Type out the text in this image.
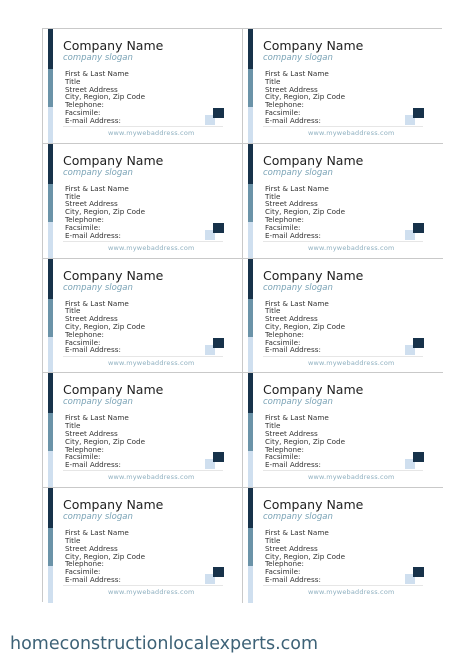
Company Name
company slogan
First & Last Name
Title
Street Address
City, Region, Zip Code
Telephone:
Facsimile:
E-mail Address:
www.mywebaddress.com
Company Name
company slogan
First & Last Name
Title
Street Address
City, Region, Zip Code
Telephone:
Facsimile:
E-mail Address:
www.mywebaddress.com
Company Name
company slogan
First & Last Name
Title
Street Address
City, Region, Zip Code
Telephone:
Facsimile:
E-mail Address:
www.mywebaddress.com
Company Name
company slogan
First & Last Name
Title
Street Address
City, Region, Zip Code
Telephone:
Facsimile:
E-mail Address:
www.mywebaddress.com
Company Name
company slogan
First & Last Name
Title
Street Address
City, Region, Zip Code
Telephone:
Facsimile:
E-mail Address:
www.mywebaddress.com
Company Name
company slogan
First & Last Name
Title
Street Address
City, Region, Zip Code
Telephone:
Facsimile:
E-mail Address:
www.mywebaddress.com
Company Name
company slogan
First & Last Name
Title
Street Address
City, Region, Zip Code
Telephone:
Facsimile:
E-mail Address:
www.mywebaddress.com
Company Name
company slogan
First & Last Name
Title
Street Address
City, Region, Zip Code
Telephone:
Facsimile:
E-mail Address:
www.mywebaddress.com
Company Name
company slogan
First & Last Name
Title
Street Address
City, Region, Zip Code
Telephone:
Facsimile:
E-mail Address:
www.mywebaddress.com
Company Name
company slogan
First & Last Name
Title
Street Address
City, Region, Zip Code
Telephone:
Facsimile:
E-mail Address:
www.mywebaddress.com
homeconstructionlocalexperts.com
